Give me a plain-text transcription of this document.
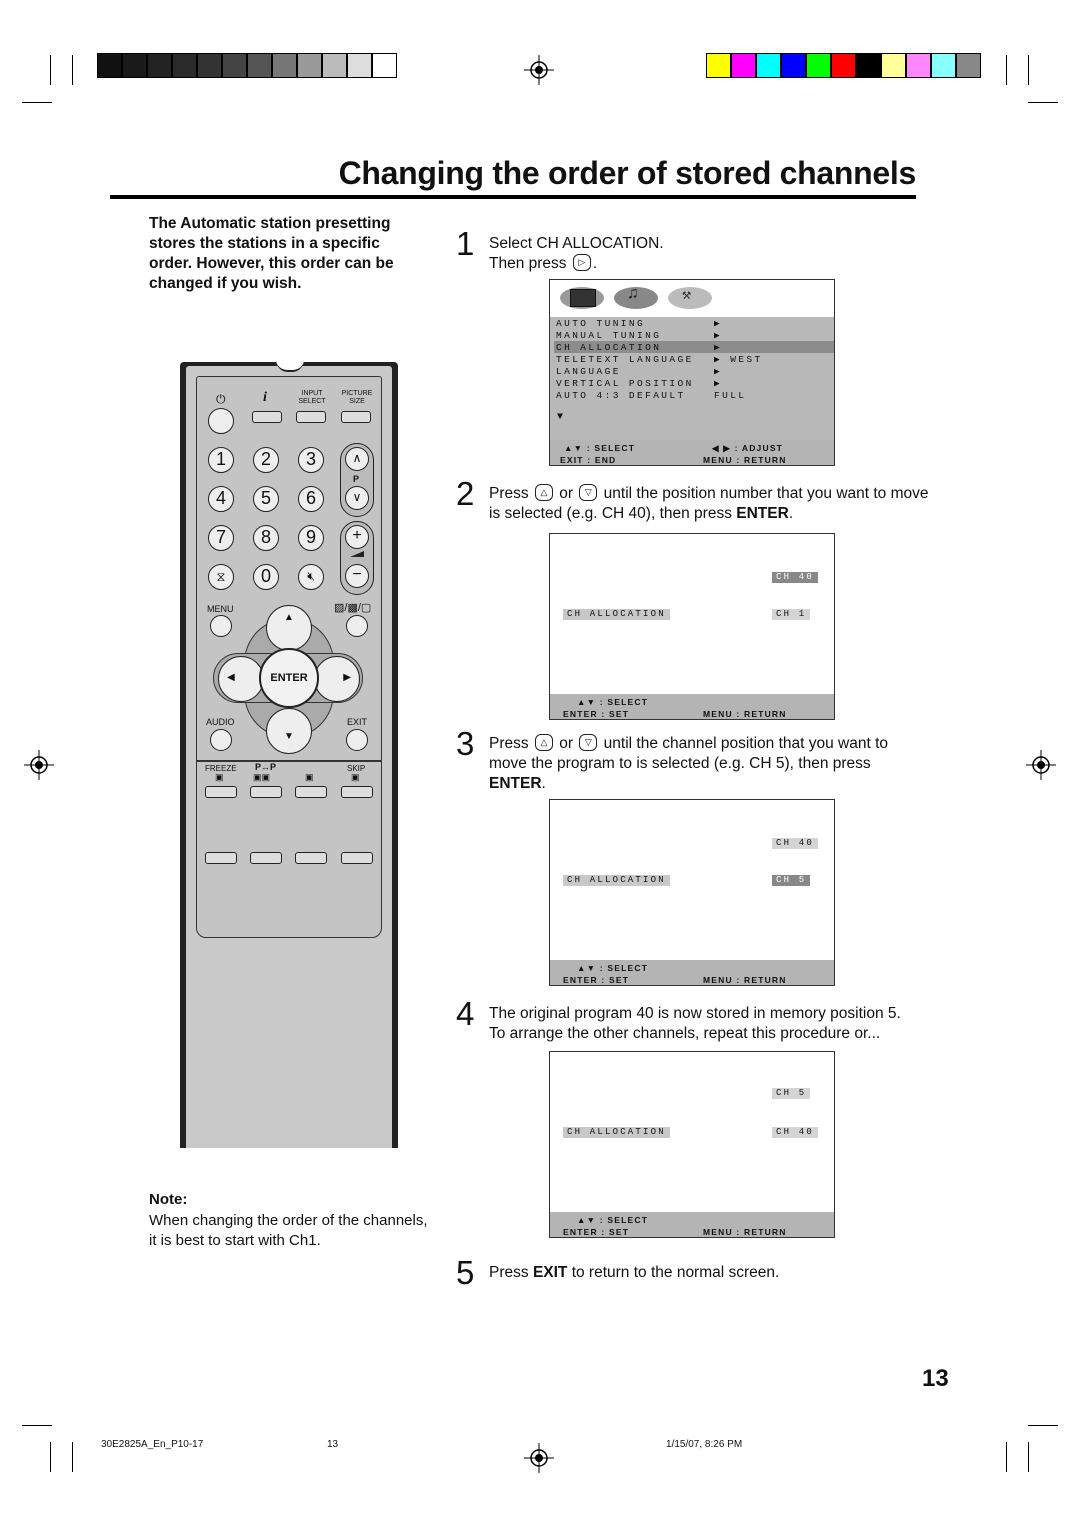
Changing the order of stored channels
The Automatic station presetting stores the stations in a specific order. However, this order can be changed if you wish.
⏻	i	INPUT SELECT
PICTURE SIZE
1	2	3
4	5	6
7	8	9
⧖	0	🔇︎
∧
P
∨
+
−
MENU	▨/▩/▢
▲
▼
◀	▶
ENTER
AUDIO	EXIT
FREEZE P↔P	SKIP
▣	▣▣	▣	▣
Note:
When changing the order of the channels, it is best to start with Ch1.
1 Select CH ALLOCATION.
Then press	▷ .
♫	⚒
AUTO TUNING	▶
MANUAL TUNING	▶
CH ALLOCATION	▶
TELETEXT LANGUAGE ▶ WEST
LANGUAGE	▶
VERTICAL POSITION ▶
AUTO 4:3 DEFAULT	FULL
▼
▲▼ : SELECT	◀ ▶ : ADJUST
EXIT : END	MENU : RETURN
2 Press	△ or	▽ until the position number that you want to move is selected (e.g. CH 40), then press ENTER.
CH 40
CH ALLOCATION	CH 1
▲▼ : SELECT
ENTER : SET	MENU : RETURN
3 Press	△ or	▽ until the channel position that you want to move the program to is selected (e.g. CH 5), then press
ENTER.
CH 40
CH ALLOCATION	CH 5
▲▼ : SELECT
ENTER : SET	MENU : RETURN
4 The original program 40 is now stored in memory position 5. To arrange the other channels, repeat this procedure or...
CH 5
CH ALLOCATION	CH 40
▲▼ : SELECT
ENTER : SET	MENU : RETURN
5 Press EXIT to return to the normal screen.
13
30E2825A_En_P10-17	13	1/15/07, 8:26 PM
